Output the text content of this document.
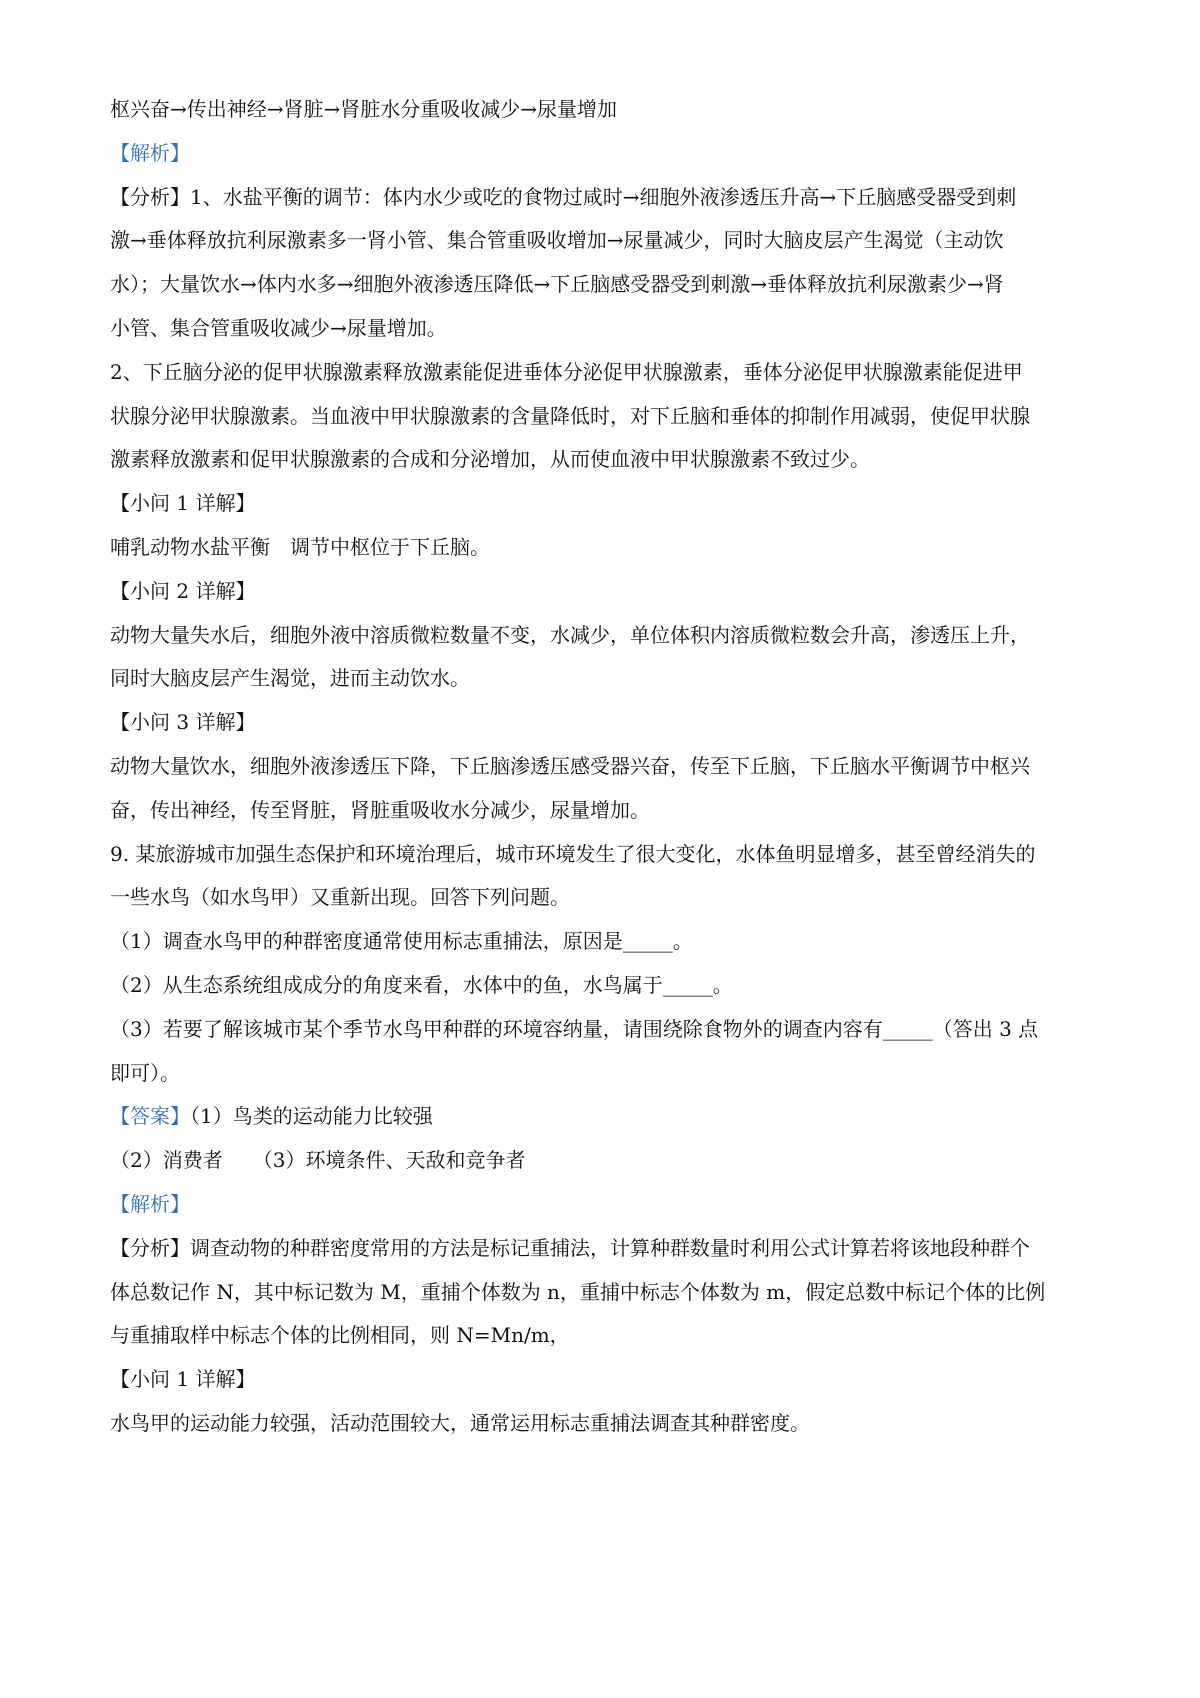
枢兴奋→传出神经→肾脏→肾脏水分重吸收减少→尿量增加

【解析】

【分析】1、水盐平衡的调节：体内水少或吃的食物过咸时→细胞外液渗透压升高→下丘脑感受器受到刺

激→垂体释放抗利尿激素多一肾小管、集合管重吸收增加→尿量减少，同时大脑皮层产生渴觉（主动饮

水）；大量饮水→体内水多→细胞外液渗透压降低→下丘脑感受器受到刺激→垂体释放抗利尿激素少→肾

小管、集合管重吸收减少→尿量增加。

2、下丘脑分泌的促甲状腺激素释放激素能促进垂体分泌促甲状腺激素，垂体分泌促甲状腺激素能促进甲

状腺分泌甲状腺激素。当血液中甲状腺激素的含量降低时，对下丘脑和垂体的抑制作用减弱，使促甲状腺

激素释放激素和促甲状腺激素的合成和分泌增加，从而使血液中甲状腺激素不致过少。

【小问 1 详解】

哺乳动物水盐平衡　调节中枢位于下丘脑。

【小问 2 详解】

动物大量失水后，细胞外液中溶质微粒数量不变，水减少，单位体积内溶质微粒数会升高，渗透压上升，

同时大脑皮层产生渴觉，进而主动饮水。

【小问 3 详解】

动物大量饮水，细胞外液渗透压下降，下丘脑渗透压感受器兴奋，传至下丘脑，下丘脑水平衡调节中枢兴

奋，传出神经，传至肾脏，肾脏重吸收水分减少，尿量增加。

9. 某旅游城市加强生态保护和环境治理后，城市环境发生了很大变化，水体鱼明显增多，甚至曾经消失的

一些水鸟（如水鸟甲）又重新出现。回答下列问题。

（1）调查水鸟甲的种群密度通常使用标志重捕法，原因是_____。

（2）从生态系统组成成分的角度来看，水体中的鱼，水鸟属于_____。

（3）若要了解该城市某个季节水鸟甲种群的环境容纳量，请围绕除食物外的调查内容有_____（答出 3 点

即可）。

【答案】（1）鸟类的运动能力比较强

（2）消费者　　（3）环境条件、天敌和竞争者

【解析】

【分析】调查动物的种群密度常用的方法是标记重捕法，计算种群数量时利用公式计算若将该地段种群个

体总数记作 N，其中标记数为 M，重捕个体数为 n，重捕中标志个体数为 m，假定总数中标记个体的比例

与重捕取样中标志个体的比例相同，则 N=Mn/m，

【小问 1 详解】

水鸟甲的运动能力较强，活动范围较大，通常运用标志重捕法调查其种群密度。
